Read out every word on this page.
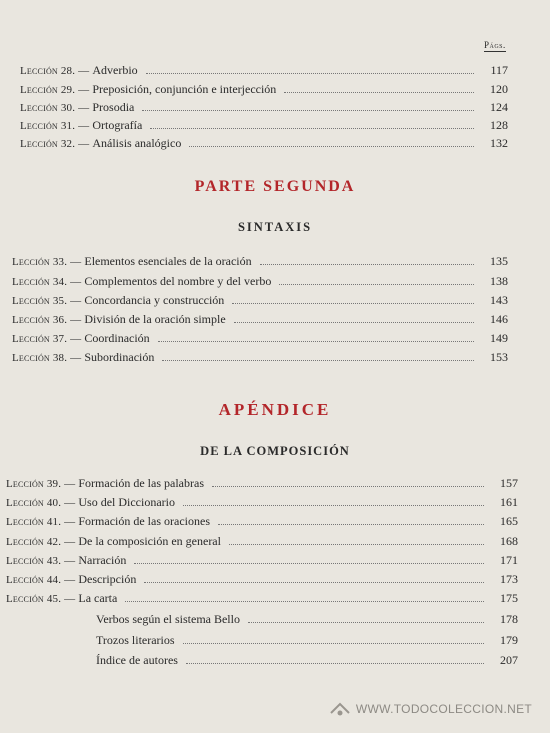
Págs.
Lección 28. — Adverbio	117
Lección 29. — Preposición, conjunción e interjección	120
Lección 30. — Prosodia	124
Lección 31. — Ortografía	128
Lección 32. — Análisis analógico	132
PARTE SEGUNDA
SINTAXIS
Lección 33. — Elementos esenciales de la oración	135
Lección 34. — Complementos del nombre y del verbo	138
Lección 35. — Concordancia y construcción	143
Lección 36. — División de la oración simple	146
Lección 37. — Coordinación	149
Lección 38. — Subordinación	153
APÉNDICE
DE LA COMPOSICIÓN
Lección 39. — Formación de las palabras	157
Lección 40. — Uso del Diccionario	161
Lección 41. — Formación de las oraciones	165
Lección 42. — De la composición en general	168
Lección 43. — Narración	171
Lección 44. — Descripción	173
Lección 45. — La carta	175
Verbos según el sistema Bello	178
Trozos literarios	179
Índice de autores	207
WWW.TODOCOLECCION.NET
